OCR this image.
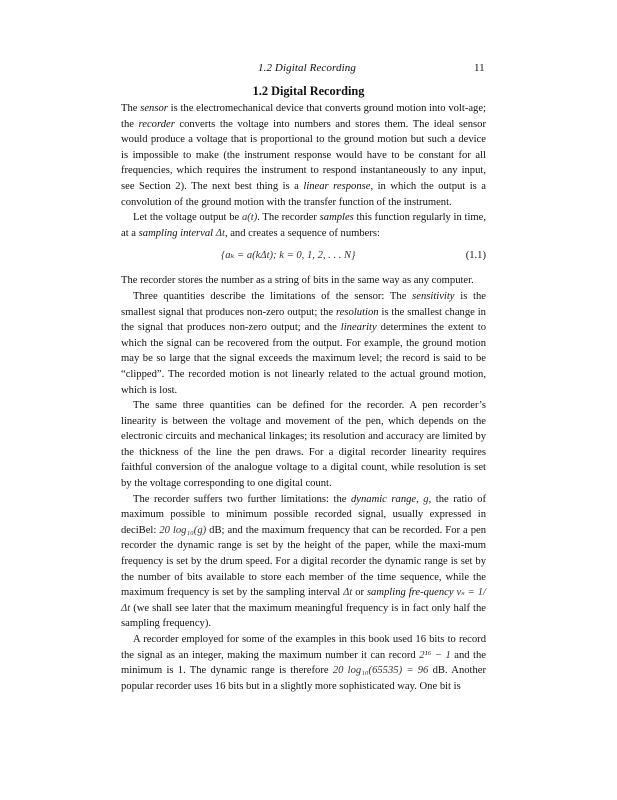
1.2 Digital Recording	11
1.2 Digital Recording

The sensor is the electromechanical device that converts ground motion into volt-age; the recorder converts the voltage into numbers and stores them. The ideal sensor would produce a voltage that is proportional to the ground motion but such a device is impossible to make (the instrument response would have to be constant for all frequencies, which requires the instrument to respond instantaneously to any input, see Section 2). The next best thing is a linear response, in which the output is a convolution of the ground motion with the transfer function of the instrument.

Let the voltage output be a(t). The recorder samples this function regularly in time, at a sampling interval Δt, and creates a sequence of numbers:

{aₖ = a(kΔt); k = 0, 1, 2, . . . N}	(1.1)

The recorder stores the number as a string of bits in the same way as any computer.

Three quantities describe the limitations of the sensor: The sensitivity is the smallest signal that produces non-zero output; the resolution is the smallest change in the signal that produces non-zero output; and the linearity determines the extent to which the signal can be recovered from the output. For example, the ground motion may be so large that the signal exceeds the maximum level; the record is said to be “clipped”. The recorded motion is not linearly related to the actual ground motion, which is lost.

The same three quantities can be defined for the recorder. A pen recorder’s linearity is between the voltage and movement of the pen, which depends on the electronic circuits and mechanical linkages; its resolution and accuracy are limited by the thickness of the line the pen draws. For a digital recorder linearity requires faithful conversion of the analogue voltage to a digital count, while resolution is set by the voltage corresponding to one digital count.

The recorder suffers two further limitations: the dynamic range, g, the ratio of maximum possible to minimum possible recorded signal, usually expressed in deciBel: 20 log₁₀(g) dB; and the maximum frequency that can be recorded. For a pen recorder the dynamic range is set by the height of the paper, while the maxi-mum frequency is set by the drum speed. For a digital recorder the dynamic range is set by the number of bits available to store each member of the time sequence, while the maximum frequency is set by the sampling interval Δt or sampling fre-quency νₛ = 1/Δt (we shall see later that the maximum meaningful frequency is in fact only half the sampling frequency).

A recorder employed for some of the examples in this book used 16 bits to record the signal as an integer, making the maximum number it can record 2¹⁶ − 1 and the minimum is 1. The dynamic range is therefore 20 log₁₀(65535) = 96 dB. Another popular recorder uses 16 bits but in a slightly more sophisticated way. One bit is
